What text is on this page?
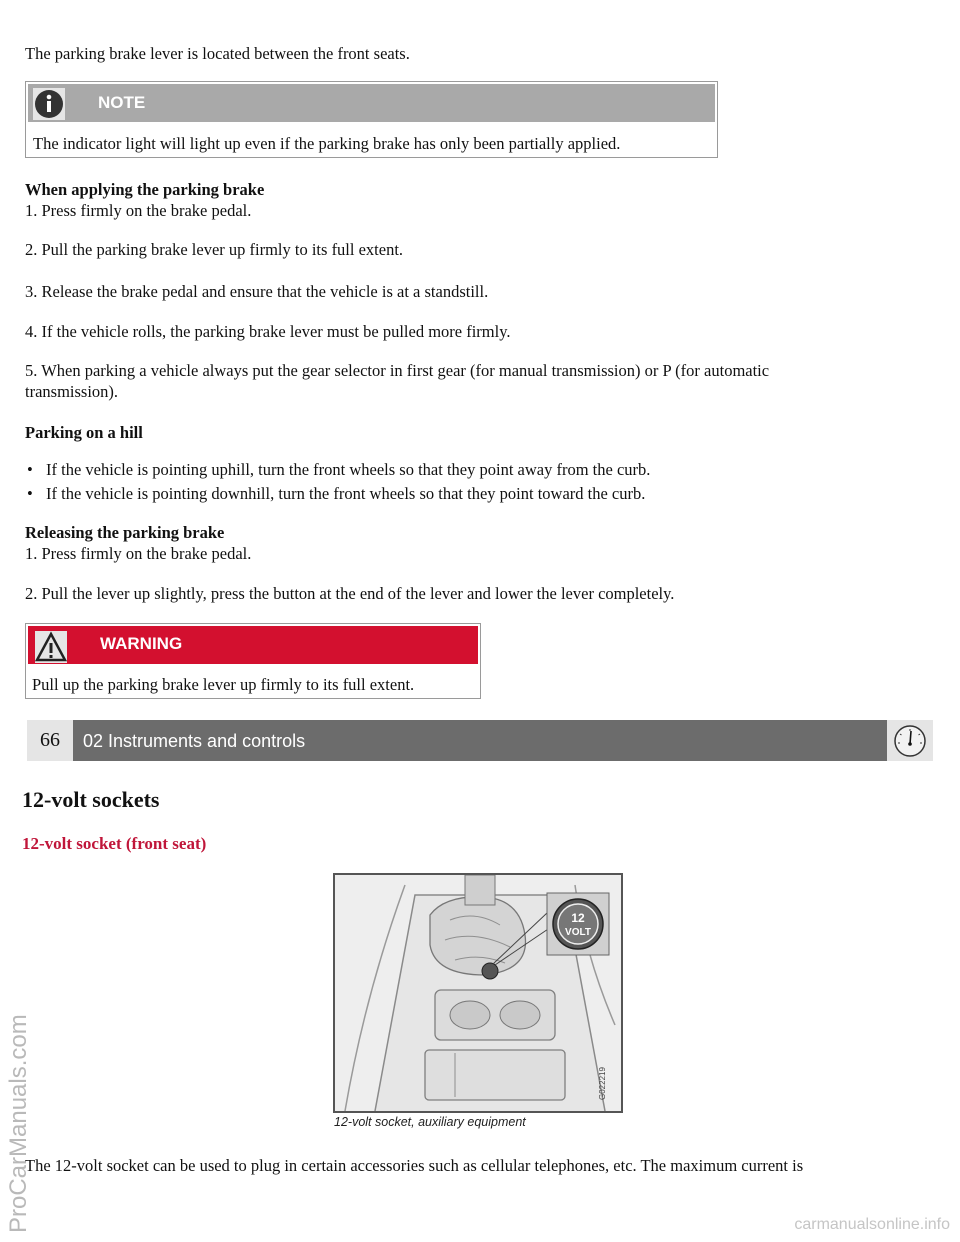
The parking brake lever is located between the front seats.
NOTE
The indicator light will light up even if the parking brake has only been partially applied.
When applying the parking brake
1. Press firmly on the brake pedal.
2. Pull the parking brake lever up firmly to its full extent.
3. Release the brake pedal and ensure that the vehicle is at a standstill.
4. If the vehicle rolls, the parking brake lever must be pulled more firmly.
5. When parking a vehicle always put the gear selector in first gear (for manual transmission) or P (for automatic
transmission).
Parking on a hill
• If the vehicle is pointing uphill, turn the front wheels so that they point away from the curb.
• If the vehicle is pointing downhill, turn the front wheels so that they point toward the curb.
Releasing the parking brake
1. Press firmly on the brake pedal.
2. Pull the lever up slightly, press the button at the end of the lever and lower the lever completely.
WARNING
Pull up the parking brake lever up firmly to its full extent.
66	02 Instruments and controls
12-volt sockets
12-volt socket (front seat)
12
VOLT
G022219
12-volt socket, auxiliary equipment
The 12-volt socket can be used to plug in certain accessories such as cellular telephones, etc. The maximum current is
ProCarManuals.com	carmanualsonline.info
